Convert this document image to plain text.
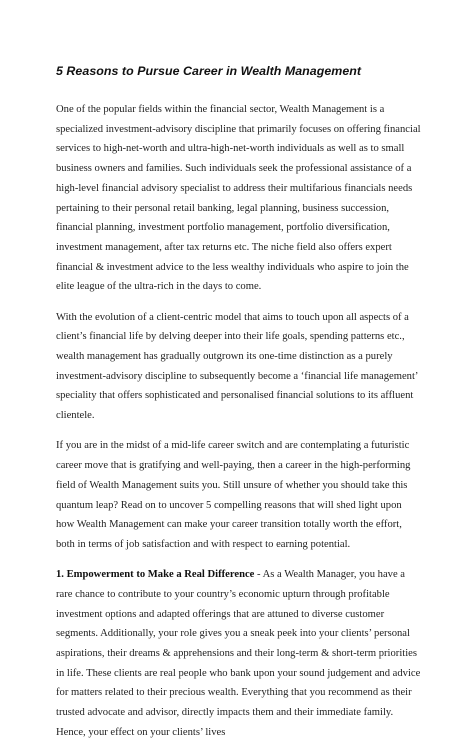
5 Reasons to Pursue Career in Wealth Management

One of the popular fields within the financial sector, Wealth Management is a specialized investment-advisory discipline that primarily focuses on offering financial services to high-net-worth and ultra-high-net-worth individuals as well as to small business owners and families. Such individuals seek the professional assistance of a high-level financial advisory specialist to address their multifarious financials needs pertaining to their personal retail banking, legal planning, business succession, financial planning, investment portfolio management, portfolio diversification, investment management, after tax returns etc. The niche field also offers expert financial & investment advice to the less wealthy individuals who aspire to join the elite league of the ultra-rich in the days to come.

With the evolution of a client-centric model that aims to touch upon all aspects of a client’s financial life by delving deeper into their life goals, spending patterns etc., wealth management has gradually outgrown its one-time distinction as a purely investment-advisory discipline to subsequently become a ‘financial life management’ speciality that offers sophisticated and personalised financial solutions to its affluent clientele.

If you are in the midst of a mid-life career switch and are contemplating a futuristic career move that is gratifying and well-paying, then a career in the high-performing field of Wealth Management suits you. Still unsure of whether you should take this quantum leap? Read on to uncover 5 compelling reasons that will shed light upon how Wealth Management can make your career transition totally worth the effort, both in terms of job satisfaction and with respect to earning potential.

1. Empowerment to Make a Real Difference - As a Wealth Manager, you have a rare chance to contribute to your country’s economic upturn through profitable investment options and adapted offerings that are attuned to diverse customer segments. Additionally, your role gives you a sneak peek into your clients’ personal aspirations, their dreams & apprehensions and their long-term & short-term priorities in life. These clients are real people who bank upon your sound judgement and advice for matters related to their precious wealth. Everything that you recommend as their trusted advocate and advisor, directly impacts them and their immediate family. Hence, your effect on your clients’ lives
